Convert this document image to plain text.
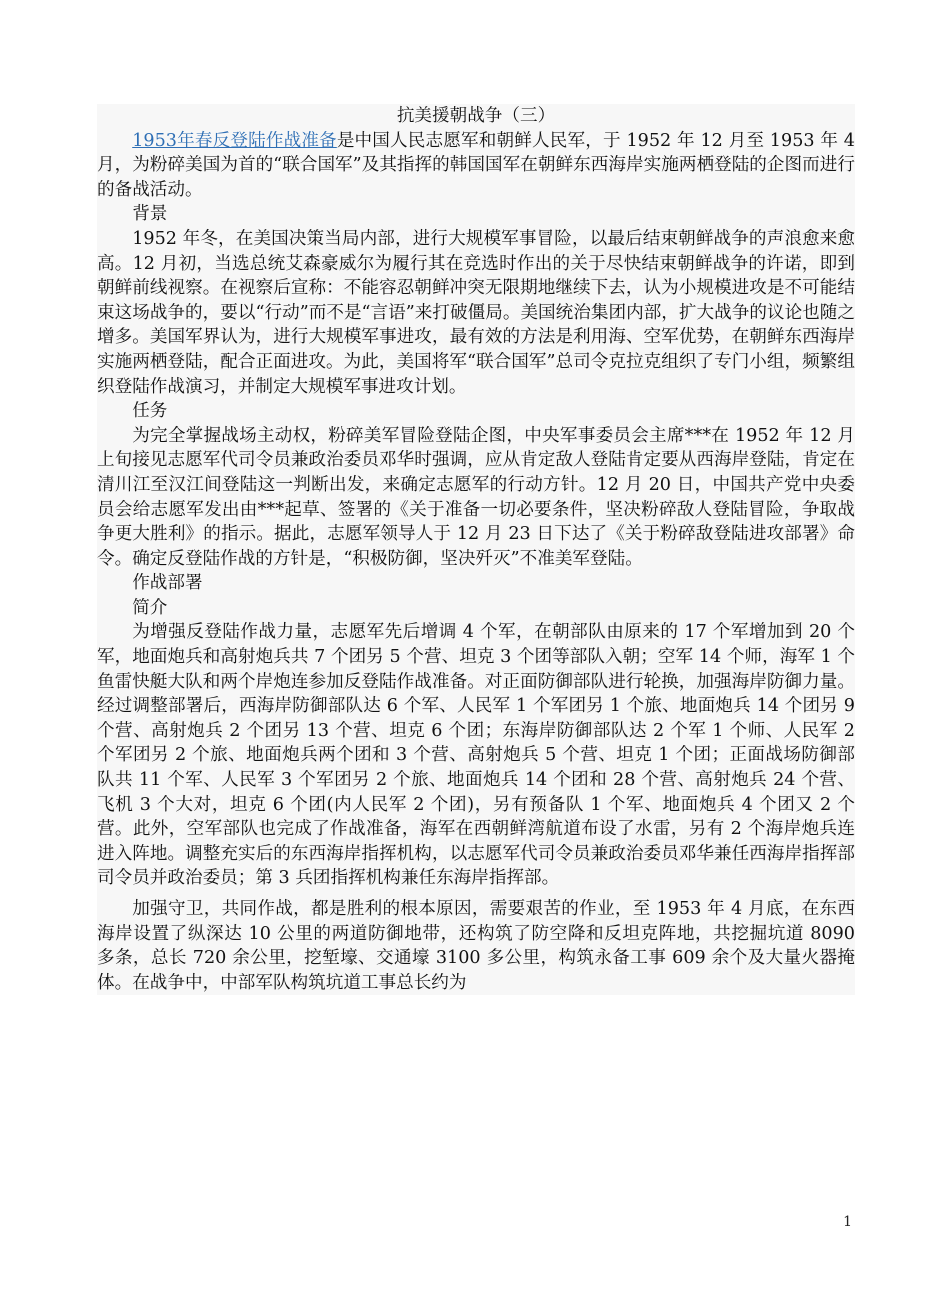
抗美援朝战争（三）

1953年春反登陆作战准备是中国人民志愿军和朝鲜人民军，于 1952 年 12 月至 1953 年 4 月，为粉碎美国为首的“联合国军”及其指挥的韩国国军在朝鲜东西海岸实施两栖登陆的企图而进行的备战活动。

背景

1952 年冬，在美国决策当局内部，进行大规模军事冒险，以最后结束朝鲜战争的声浪愈来愈高。12 月初，当选总统艾森豪威尔为履行其在竞选时作出的关于尽快结束朝鲜战争的许诺，即到朝鲜前线视察。在视察后宣称：不能容忍朝鲜冲突无限期地继续下去，认为小规模进攻是不可能结束这场战争的，要以“行动”而不是“言语”来打破僵局。美国统治集团内部，扩大战争的议论也随之增多。美国军界认为，进行大规模军事进攻，最有效的方法是利用海、空军优势，在朝鲜东西海岸实施两栖登陆，配合正面进攻。为此，美国将军“联合国军”总司令克拉克组织了专门小组，频繁组织登陆作战演习，并制定大规模军事进攻计划。

任务

为完全掌握战场主动权，粉碎美军冒险登陆企图，中央军事委员会主席***在 1952 年 12 月上旬接见志愿军代司令员兼政治委员邓华时强调，应从肯定敌人登陆肯定要从西海岸登陆，肯定在清川江至汉江间登陆这一判断出发，来确定志愿军的行动方针。12 月 20 日，中国共产党中央委员会给志愿军发出由***起草、签署的《关于准备一切必要条件，坚决粉碎敌人登陆冒险，争取战争更大胜利》的指示。据此，志愿军领导人于 12 月 23 日下达了《关于粉碎敌登陆进攻部署》命令。确定反登陆作战的方针是，“积极防御，坚决歼灭”不准美军登陆。

作战部署

简介

为增强反登陆作战力量，志愿军先后增调 4 个军，在朝部队由原来的 17 个军增加到 20 个军，地面炮兵和高射炮兵共 7 个团另 5 个营、坦克 3 个团等部队入朝；空军 14 个师，海军 1 个鱼雷快艇大队和两个岸炮连参加反登陆作战准备。对正面防御部队进行轮换，加强海岸防御力量。经过调整部署后，西海岸防御部队达 6 个军、人民军 1 个军团另 1 个旅、地面炮兵 14 个团另 9 个营、高射炮兵 2 个团另 13 个营、坦克 6 个团；东海岸防御部队达 2 个军 1 个师、人民军 2 个军团另 2 个旅、地面炮兵两个团和 3 个营、高射炮兵 5 个营、坦克 1 个团；正面战场防御部队共 11 个军、人民军 3 个军团另 2 个旅、地面炮兵 14 个团和 28 个营、高射炮兵 24 个营、飞机 3 个大对，坦克 6 个团(内人民军 2 个团)，另有预备队 1 个军、地面炮兵 4 个团又 2 个营。此外，空军部队也完成了作战准备，海军在西朝鲜湾航道布设了水雷，另有 2 个海岸炮兵连进入阵地。调整充实后的东西海岸指挥机构，以志愿军代司令员兼政治委员邓华兼任西海岸指挥部司令员并政治委员；第 3 兵团指挥机构兼任东海岸指挥部。

加强守卫，共同作战，都是胜利的根本原因，需要艰苦的作业，至 1953 年 4 月底，在东西海岸设置了纵深达 10 公里的两道防御地带，还构筑了防空降和反坦克阵地，共挖掘坑道 8090 多条，总长 720 余公里，挖堑壕、交通壕 3100 多公里，构筑永备工事 609 余个及大量火器掩体。在战争中，中部军队构筑坑道工事总长约为

1
